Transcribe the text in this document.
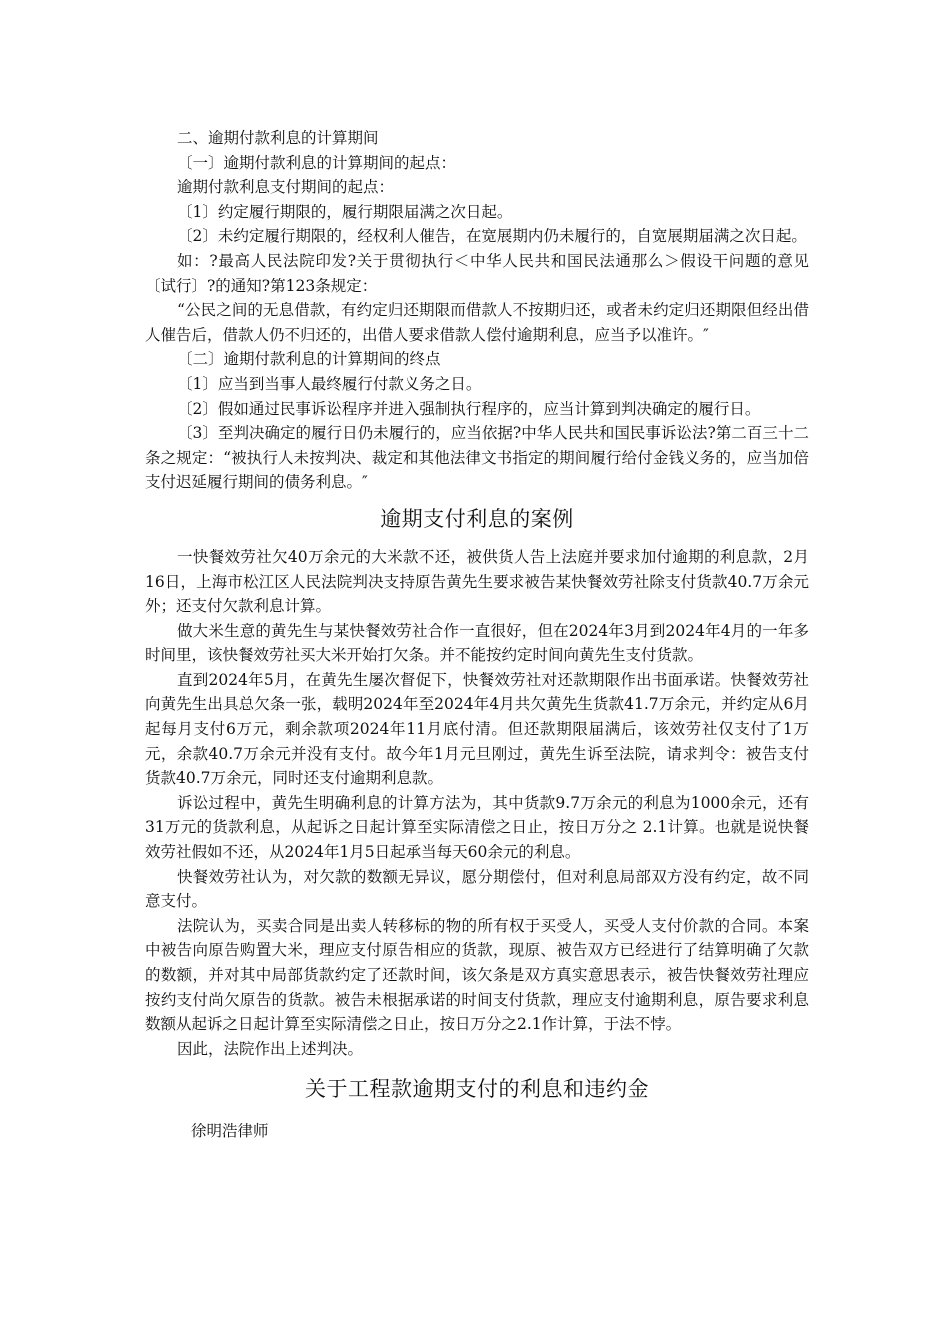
二、逾期付款利息的计算期间

〔一〕逾期付款利息的计算期间的起点：

逾期付款利息支付期间的起点：

〔1〕约定履行期限的，履行期限届满之次日起。

〔2〕未约定履行期限的，经权利人催告，在宽展期内仍未履行的，自宽展期届满之次日起。

如：?最高人民法院印发?关于贯彻执行＜中华人民共和国民法通那么＞假设干问题的意见〔试行〕?的通知?第123条规定：

“公民之间的无息借款，有约定归还期限而借款人不按期归还，或者未约定归还期限但经出借人催告后，借款人仍不归还的，出借人要求借款人偿付逾期利息，应当予以准许。″

〔二〕逾期付款利息的计算期间的终点

〔1〕应当到当事人最终履行付款义务之日。

〔2〕假如通过民事诉讼程序并进入强制执行程序的，应当计算到判决确定的履行日。

〔3〕至判决确定的履行日仍未履行的，应当依据?中华人民共和国民事诉讼法?第二百三十二条之规定：“被执行人未按判决、裁定和其他法律文书指定的期间履行给付金钱义务的，应当加倍支付迟延履行期间的债务利息。″

逾期支付利息的案例

一快餐效劳社欠40万余元的大米款不还，被供货人告上法庭并要求加付逾期的利息款，2月16日，上海市松江区人民法院判决支持原告黄先生要求被告某快餐效劳社除支付货款40.7万余元外；还支付欠款利息计算。

做大米生意的黄先生与某快餐效劳社合作一直很好，但在2024年3月到2024年4月的一年多时间里，该快餐效劳社买大米开始打欠条。并不能按约定时间向黄先生支付货款。

直到2024年5月，在黄先生屡次督促下，快餐效劳社对还款期限作出书面承诺。快餐效劳社向黄先生出具总欠条一张，载明2024年至2024年4月共欠黄先生货款41.7万余元，并约定从6月起每月支付6万元，剩余款项2024年11月底付清。但还款期限届满后，该效劳社仅支付了1万元，余款40.7万余元并没有支付。故今年1月元旦刚过，黄先生诉至法院，请求判令：被告支付货款40.7万余元，同时还支付逾期利息款。

诉讼过程中，黄先生明确利息的计算方法为，其中货款9.7万余元的利息为1000余元，还有31万元的货款利息，从起诉之日起计算至实际清偿之日止，按日万分之 2.1计算。也就是说快餐效劳社假如不还，从2024年1月5日起承当每天60余元的利息。

快餐效劳社认为，对欠款的数额无异议，愿分期偿付，但对利息局部双方没有约定，故不同意支付。

法院认为，买卖合同是出卖人转移标的物的所有权于买受人，买受人支付价款的合同。本案中被告向原告购置大米，理应支付原告相应的货款，现原、被告双方已经进行了结算明确了欠款的数额，并对其中局部货款约定了还款时间，该欠条是双方真实意思表示，被告快餐效劳社理应按约支付尚欠原告的货款。被告未根据承诺的时间支付货款，理应支付逾期利息，原告要求利息数额从起诉之日起计算至实际清偿之日止，按日万分之2.1作计算，于法不悖。

因此，法院作出上述判决。

关于工程款逾期支付的利息和违约金

徐明浩律师
